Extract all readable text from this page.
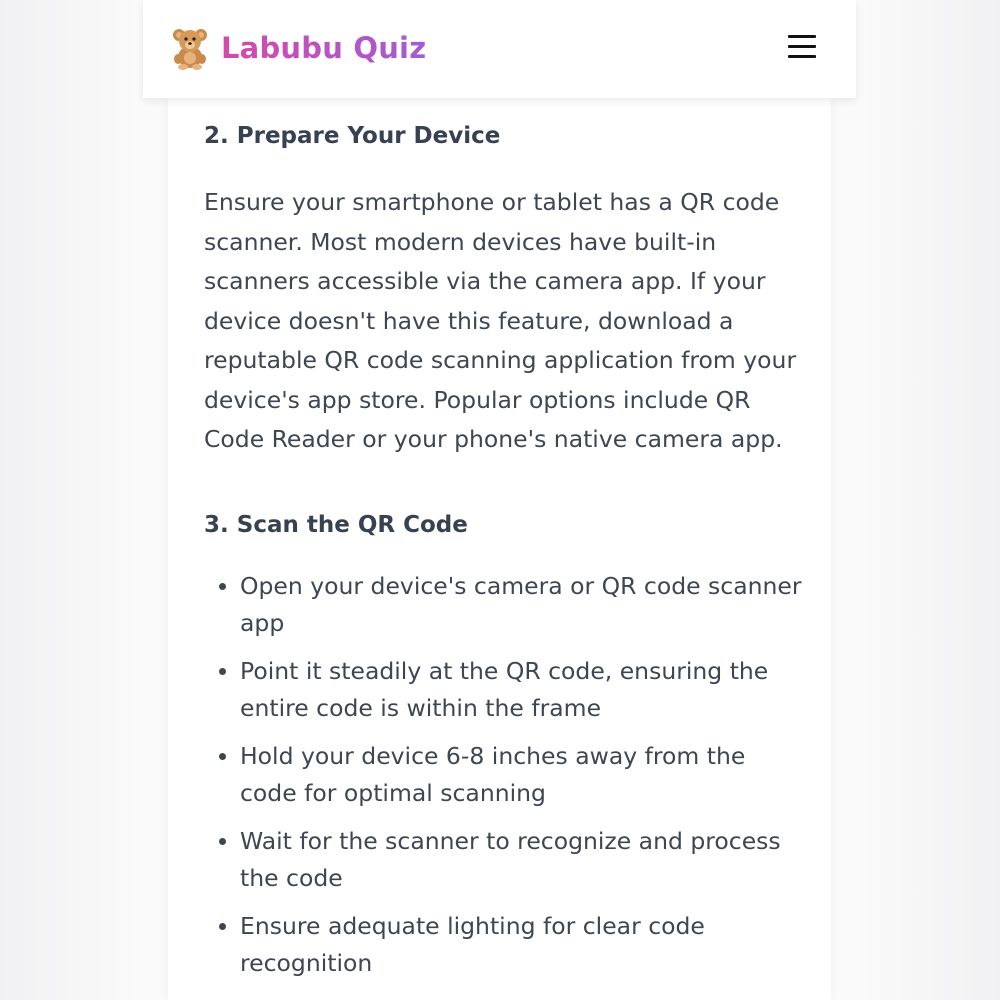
Labubu Quiz
2. Prepare Your Device

Ensure your smartphone or tablet has a QR code scanner. Most modern devices have built-in scanners accessible via the camera app. If your device doesn't have this feature, download a reputable QR code scanning application from your device's app store. Popular options include QR Code Reader or your phone's native camera app.

3. Scan the QR Code
Open your device's camera or QR code scanner app
Point it steadily at the QR code, ensuring the entire code is within the frame
Hold your device 6-8 inches away from the code for optimal scanning
Wait for the scanner to recognize and process the code
Ensure adequate lighting for clear code recognition
